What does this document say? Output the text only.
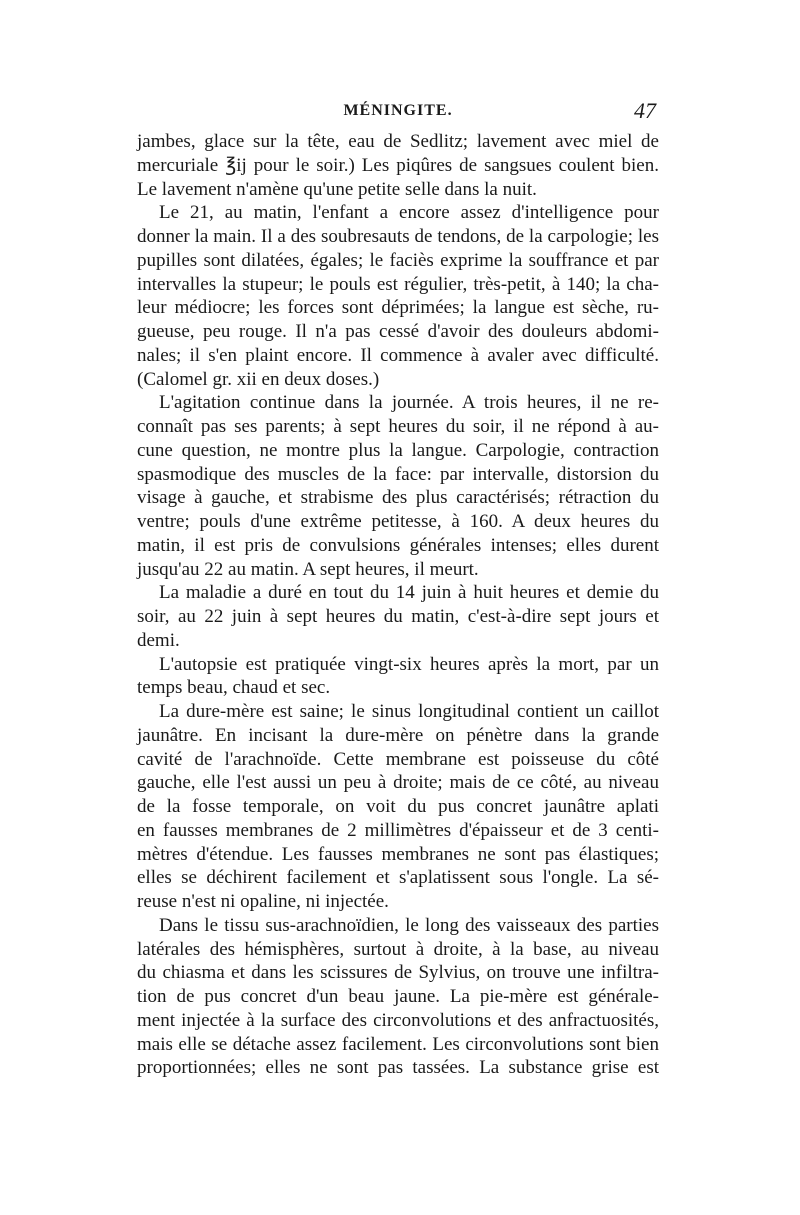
MÉNINGITE.	47
jambes, glace sur la tête, eau de Sedlitz; lavement avec miel de
mercuriale ℥ij pour le soir.) Les piqûres de sangsues coulent bien.
Le lavement n'amène qu'une petite selle dans la nuit.
Le 21, au matin, l'enfant a encore assez d'intelligence pour
donner la main. Il a des soubresauts de tendons, de la carpologie; les
pupilles sont dilatées, égales; le faciès exprime la souffrance et par
intervalles la stupeur; le pouls est régulier, très-petit, à 140; la cha-
leur médiocre; les forces sont déprimées; la langue est sèche, ru-
gueuse, peu rouge. Il n'a pas cessé d'avoir des douleurs abdomi-
nales; il s'en plaint encore. Il commence à avaler avec difficulté.
(Calomel gr. xii en deux doses.)
L'agitation continue dans la journée. A trois heures, il ne re-
connaît pas ses parents; à sept heures du soir, il ne répond à au-
cune question, ne montre plus la langue. Carpologie, contraction
spasmodique des muscles de la face: par intervalle, distorsion du
visage à gauche, et strabisme des plus caractérisés; rétraction du
ventre; pouls d'une extrême petitesse, à 160. A deux heures du
matin, il est pris de convulsions générales intenses; elles durent
jusqu'au 22 au matin. A sept heures, il meurt.
La maladie a duré en tout du 14 juin à huit heures et demie du
soir, au 22 juin à sept heures du matin, c'est-à-dire sept jours et
demi.
L'autopsie est pratiquée vingt-six heures après la mort, par un
temps beau, chaud et sec.
La dure-mère est saine; le sinus longitudinal contient un caillot
jaunâtre. En incisant la dure-mère on pénètre dans la grande
cavité de l'arachnoïde. Cette membrane est poisseuse du côté
gauche, elle l'est aussi un peu à droite; mais de ce côté, au niveau
de la fosse temporale, on voit du pus concret jaunâtre aplati
en fausses membranes de 2 millimètres d'épaisseur et de 3 centi-
mètres d'étendue. Les fausses membranes ne sont pas élastiques;
elles se déchirent facilement et s'aplatissent sous l'ongle. La sé-
reuse n'est ni opaline, ni injectée.
Dans le tissu sus-arachnoïdien, le long des vaisseaux des parties
latérales des hémisphères, surtout à droite, à la base, au niveau
du chiasma et dans les scissures de Sylvius, on trouve une infiltra-
tion de pus concret d'un beau jaune. La pie-mère est générale-
ment injectée à la surface des circonvolutions et des anfractuosités,
mais elle se détache assez facilement. Les circonvolutions sont bien
proportionnées; elles ne sont pas tassées. La substance grise est
